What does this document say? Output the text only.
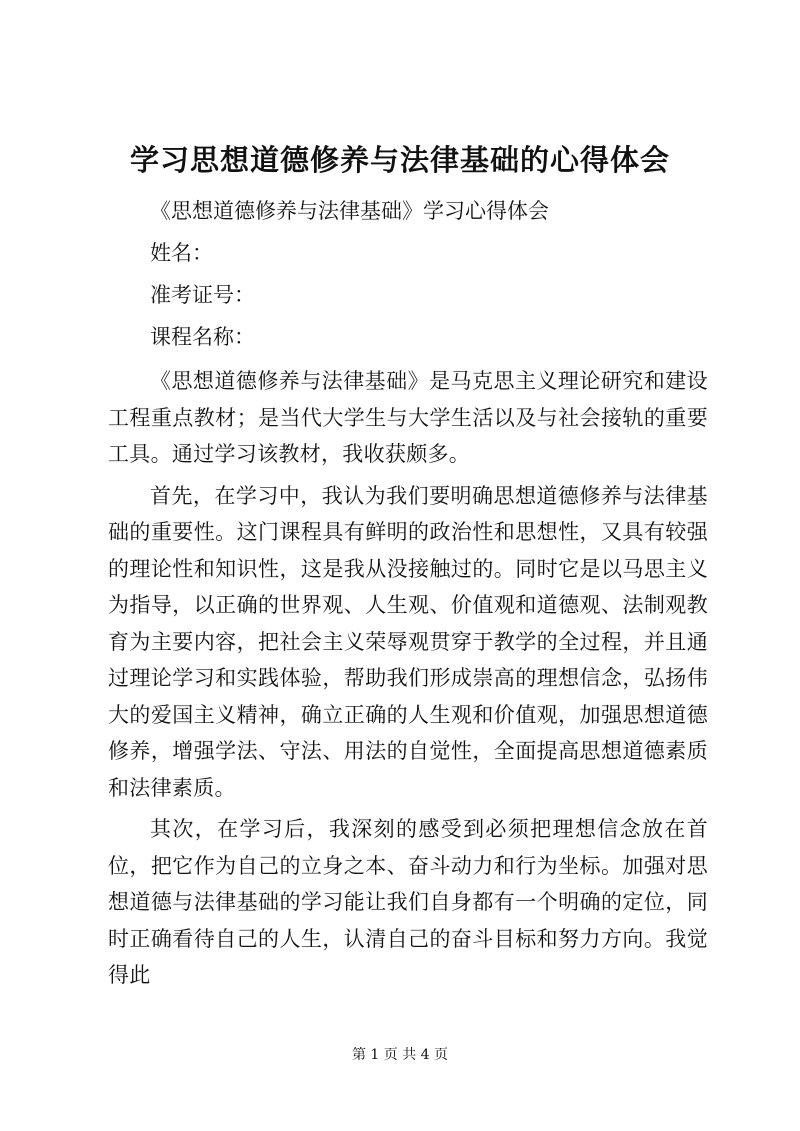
学习思想道德修养与法律基础的心得体会
《思想道德修养与法律基础》学习心得体会
姓名：
准考证号：
课程名称：
《思想道德修养与法律基础》是马克思主义理论研究和建设工程重点教材；是当代大学生与大学生活以及与社会接轨的重要工具。通过学习该教材，我收获颇多。
首先，在学习中，我认为我们要明确思想道德修养与法律基础的重要性。这门课程具有鲜明的政治性和思想性，又具有较强的理论性和知识性，这是我从没接触过的。同时它是以马思主义为指导，以正确的世界观、人生观、价值观和道德观、法制观教育为主要内容，把社会主义荣辱观贯穿于教学的全过程，并且通过理论学习和实践体验，帮助我们形成崇高的理想信念，弘扬伟大的爱国主义精神，确立正确的人生观和价值观，加强思想道德修养，增强学法、守法、用法的自觉性，全面提高思想道德素质和法律素质。
其次，在学习后，我深刻的感受到必须把理想信念放在首位，把它作为自己的立身之本、奋斗动力和行为坐标。加强对思想道德与法律基础的学习能让我们自身都有一个明确的定位，同时正确看待自己的人生，认清自己的奋斗目标和努力方向。我觉得此
第 1 页 共 4 页
